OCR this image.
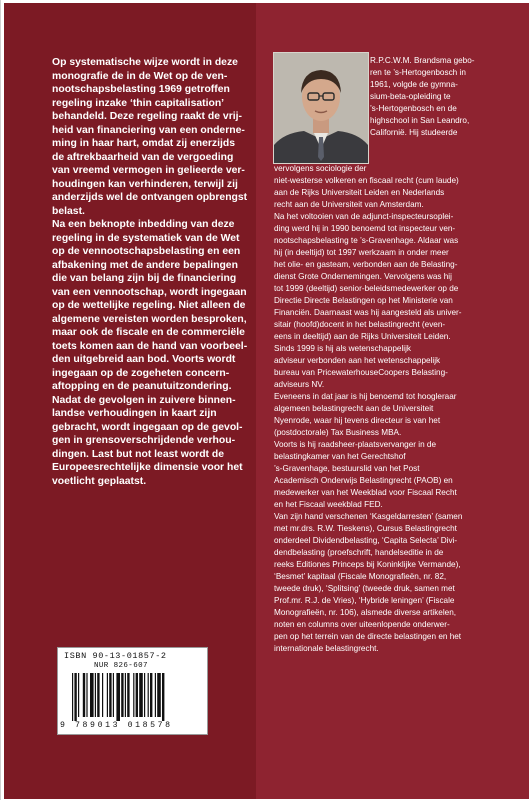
Op systematische wijze wordt in deze
monografie de in de Wet op de ven-
nootschapsbelasting 1969 getroffen
regeling inzake ‘thin capitalisation’
behandeld. Deze regeling raakt de vrij-
heid van financiering van een onderne-
ming in haar hart, omdat zij enerzijds
de aftrekbaarheid van de vergoeding
van vreemd vermogen in gelieerde ver-
houdingen kan verhinderen, terwijl zij
anderzijds wel de ontvangen opbrengst
belast.
Na een beknopte inbedding van deze
regeling in de systematiek van de Wet
op de vennootschapsbelasting en een
afbakening met de andere bepalingen
die van belang zijn bij de financiering
van een vennootschap, wordt ingegaan
op de wettelijke regeling. Niet alleen de
algemene vereisten worden besproken,
maar ook de fiscale en de commerciële
toets komen aan de hand van voorbeel-
den uitgebreid aan bod. Voorts wordt
ingegaan op de zogeheten concern-
aftopping en de peanutuitzondering.
Nadat de gevolgen in zuivere binnen-
landse verhoudingen in kaart zijn
gebracht, wordt ingegaan op de gevol-
gen in grensoverschrijdende verhou-
dingen. Last but not least wordt de
Europeesrechtelijke dimensie voor het
voetlicht geplaatst.

R.P.C.W.M. Brandsma gebo-
ren te ’s-Hertogenbosch in
1961, volgde de gymna-
sium-beta-opleiding te
’s-Hertogenbosch en de
highschool in San Leandro,
Californië. Hij studeerde

vervolgens sociologie der
niet-westerse volkeren en fiscaal recht (cum laude)
aan de Rijks Universiteit Leiden en Nederlands
recht aan de Universiteit van Amsterdam.
Na het voltooien van de adjunct-inspecteursoplei-
ding werd hij in 1990 benoemd tot inspecteur ven-
nootschapsbelasting te ’s-Gravenhage. Aldaar was
hij (in deeltijd) tot 1997 werkzaam in onder meer
het olie- en gasteam, verbonden aan de Belasting-
dienst Grote Ondernemingen. Vervolgens was hij
tot 1999 (deeltijd) senior-beleidsmedewerker op de
Directie Directe Belastingen op het Ministerie van
Financiën. Daarnaast was hij aangesteld als univer-
sitair (hoofd)docent in het belastingrecht (even-
eens in deeltijd) aan de Rijks Universiteit Leiden.
Sinds 1999 is hij als wetenschappelijk
adviseur verbonden aan het wetenschappelijk
bureau van PricewaterhouseCoopers Belasting-
adviseurs NV.
Eveneens in dat jaar is hij benoemd tot hoogleraar
algemeen belastingrecht aan de Universiteit
Nyenrode, waar hij tevens directeur is van het
(postdoctorale) Tax Business MBA.
Voorts is hij raadsheer-plaatsvervanger in de
belastingkamer van het Gerechtshof
’s-Gravenhage, bestuurslid van het Post
Academisch Onderwijs Belastingrecht (PAOB) en
medewerker van het Weekblad voor Fiscaal Recht
en het Fiscaal weekblad FED.
Van zijn hand verschenen ‘Kasgeldarresten’ (samen
met mr.drs. R.W. Tieskens), Cursus Belastingrecht
onderdeel Dividendbelasting, ‘Capita Selecta’ Divi-
dendbelasting (proefschrift, handelseditie in de
reeks Editiones Princeps bij Koninklijke Vermande),
‘Besmet’ kapitaal (Fiscale Monografieën, nr. 82,
tweede druk), ‘Splitsing’ (tweede druk, samen met
Prof.mr. R.J. de Vries), ‘Hybride leningen’ (Fiscale
Monografieën, nr. 106), alsmede diverse artikelen,
noten en columns over uiteenlopende onderwer-
pen op het terrein van de directe belastingen en het
internationale belastingrecht.

ISBN 90-13-01857-2

NUR 826-607

9 789013 018578
